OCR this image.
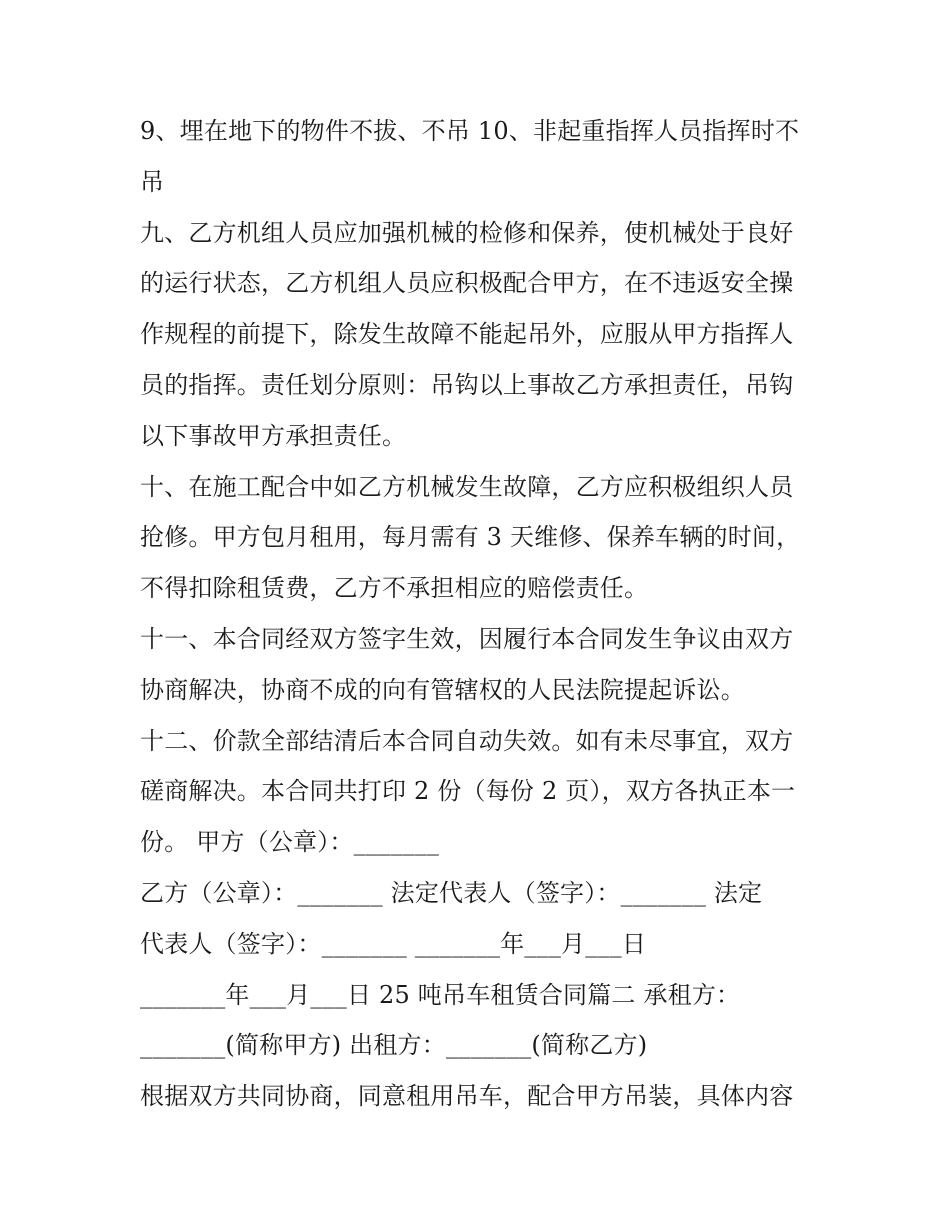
9、埋在地下的物件不拔、不吊 10、非起重指挥人员指挥时不
吊
九、乙方机组人员应加强机械的检修和保养，使机械处于良好
的运行状态，乙方机组人员应积极配合甲方，在不违返安全操
作规程的前提下，除发生故障不能起吊外，应服从甲方指挥人
员的指挥。责任划分原则：吊钩以上事故乙方承担责任，吊钩
以下事故甲方承担责任。
十、在施工配合中如乙方机械发生故障，乙方应积极组织人员
抢修。甲方包月租用，每月需有 3 天维修、保养车辆的时间，
不得扣除租赁费，乙方不承担相应的赔偿责任。
十一、本合同经双方签字生效，因履行本合同发生争议由双方
协商解决，协商不成的向有管辖权的人民法院提起诉讼。
十二、价款全部结清后本合同自动失效。如有未尽事宜，双方
磋商解决。本合同共打印 2 份（每份 2 页），双方各执正本一
份。 甲方（公章）：_______
乙方（公章）：_______ 法定代表人（签字）：_______ 法定
代表人（签字）：_______ _______年___月___日
_______年___月___日 25 吨吊车租赁合同篇二 承租方：
_______(简称甲方) 出租方：_______(简称乙方)
根据双方共同协商，同意租用吊车，配合甲方吊装，具体内容
